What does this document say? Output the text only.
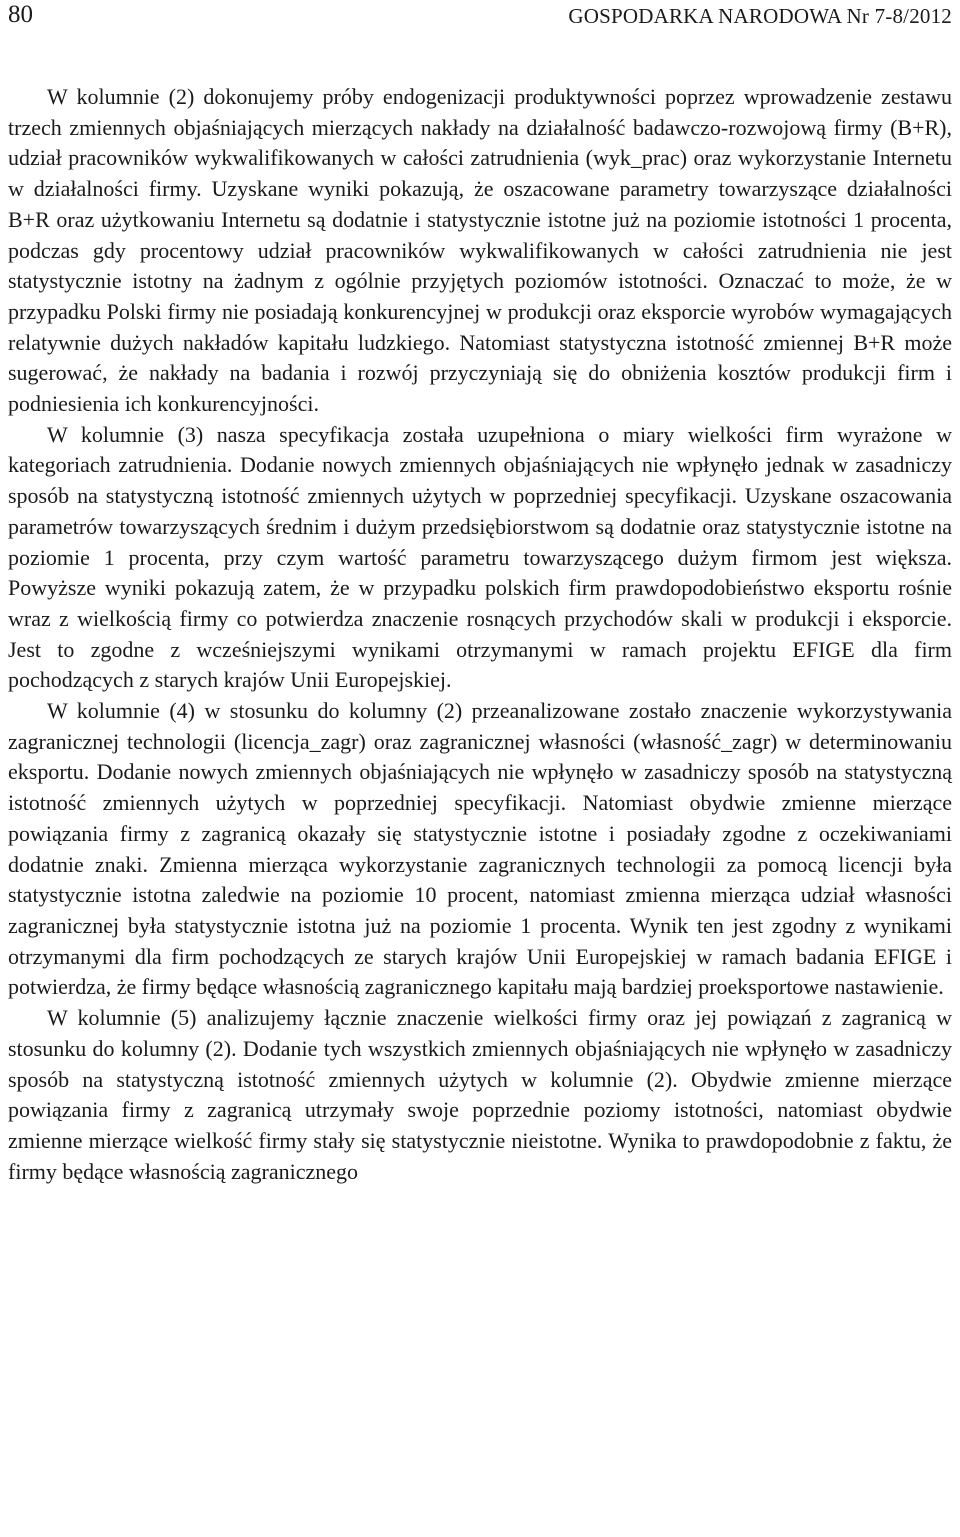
80	GOSPODARKA NARODOWA Nr 7-8/2012

W kolumnie (2) dokonujemy próby endogenizacji produktywności poprzez wprowadzenie zestawu trzech zmiennych objaśniających mierzących nakłady na działalność badawczo-rozwojową firmy (B+R), udział pracowników wykwalifikowanych w całości zatrudnienia (wyk_prac) oraz wykorzystanie Internetu w działalności firmy. Uzyskane wyniki pokazują, że oszacowane parametry towarzyszące działalności B+R oraz użytkowaniu Internetu są dodatnie i statystycznie istotne już na poziomie istotności 1 procenta, podczas gdy procentowy udział pracowników wykwalifikowanych w całości zatrudnienia nie jest statystycznie istotny na żadnym z ogólnie przyjętych poziomów istotności. Oznaczać to może, że w przypadku Polski firmy nie posiadają konkurencyjnej w produkcji oraz eksporcie wyrobów wymagających relatywnie dużych nakładów kapitału ludzkiego. Natomiast statystyczna istotność zmiennej B+R może sugerować, że nakłady na badania i rozwój przyczyniają się do obniżenia kosztów produkcji firm i podniesienia ich konkurencyjności.

W kolumnie (3) nasza specyfikacja została uzupełniona o miary wielkości firm wyrażone w kategoriach zatrudnienia. Dodanie nowych zmiennych objaśniających nie wpłynęło jednak w zasadniczy sposób na statystyczną istotność zmiennych użytych w poprzedniej specyfikacji. Uzyskane oszacowania parametrów towarzyszących średnim i dużym przedsiębiorstwom są dodatnie oraz statystycznie istotne na poziomie 1 procenta, przy czym wartość parametru towarzyszącego dużym firmom jest większa. Powyższe wyniki pokazują zatem, że w przypadku polskich firm prawdopodobieństwo eksportu rośnie wraz z wielkością firmy co potwierdza znaczenie rosnących przychodów skali w produkcji i eksporcie. Jest to zgodne z wcześniejszymi wynikami otrzymanymi w ramach projektu EFIGE dla firm pochodzących z starych krajów Unii Europejskiej.

W kolumnie (4) w stosunku do kolumny (2) przeanalizowane zostało znaczenie wykorzystywania zagranicznej technologii (licencja_zagr) oraz zagranicznej własności (własność_zagr) w determinowaniu eksportu. Dodanie nowych zmiennych objaśniających nie wpłynęło w zasadniczy sposób na statystyczną istotność zmiennych użytych w poprzedniej specyfikacji. Natomiast obydwie zmienne mierzące powiązania firmy z zagranicą okazały się statystycznie istotne i posiadały zgodne z oczekiwaniami dodatnie znaki. Zmienna mierząca wykorzystanie zagranicznych technologii za pomocą licencji była statystycznie istotna zaledwie na poziomie 10 procent, natomiast zmienna mierząca udział własności zagranicznej była statystycznie istotna już na poziomie 1 procenta. Wynik ten jest zgodny z wynikami otrzymanymi dla firm pochodzących ze starych krajów Unii Europejskiej w ramach badania EFIGE i potwierdza, że firmy będące własnością zagranicznego kapitału mają bardziej proeksportowe nastawienie.

W kolumnie (5) analizujemy łącznie znaczenie wielkości firmy oraz jej powiązań z zagranicą w stosunku do kolumny (2). Dodanie tych wszystkich zmiennych objaśniających nie wpłynęło w zasadniczy sposób na statystyczną istotność zmiennych użytych w kolumnie (2). Obydwie zmienne mierzące powiązania firmy z zagranicą utrzymały swoje poprzednie poziomy istotności, natomiast obydwie zmienne mierzące wielkość firmy stały się statystycznie nieistotne. Wynika to prawdopodobnie z faktu, że firmy będące własnością zagranicznego
